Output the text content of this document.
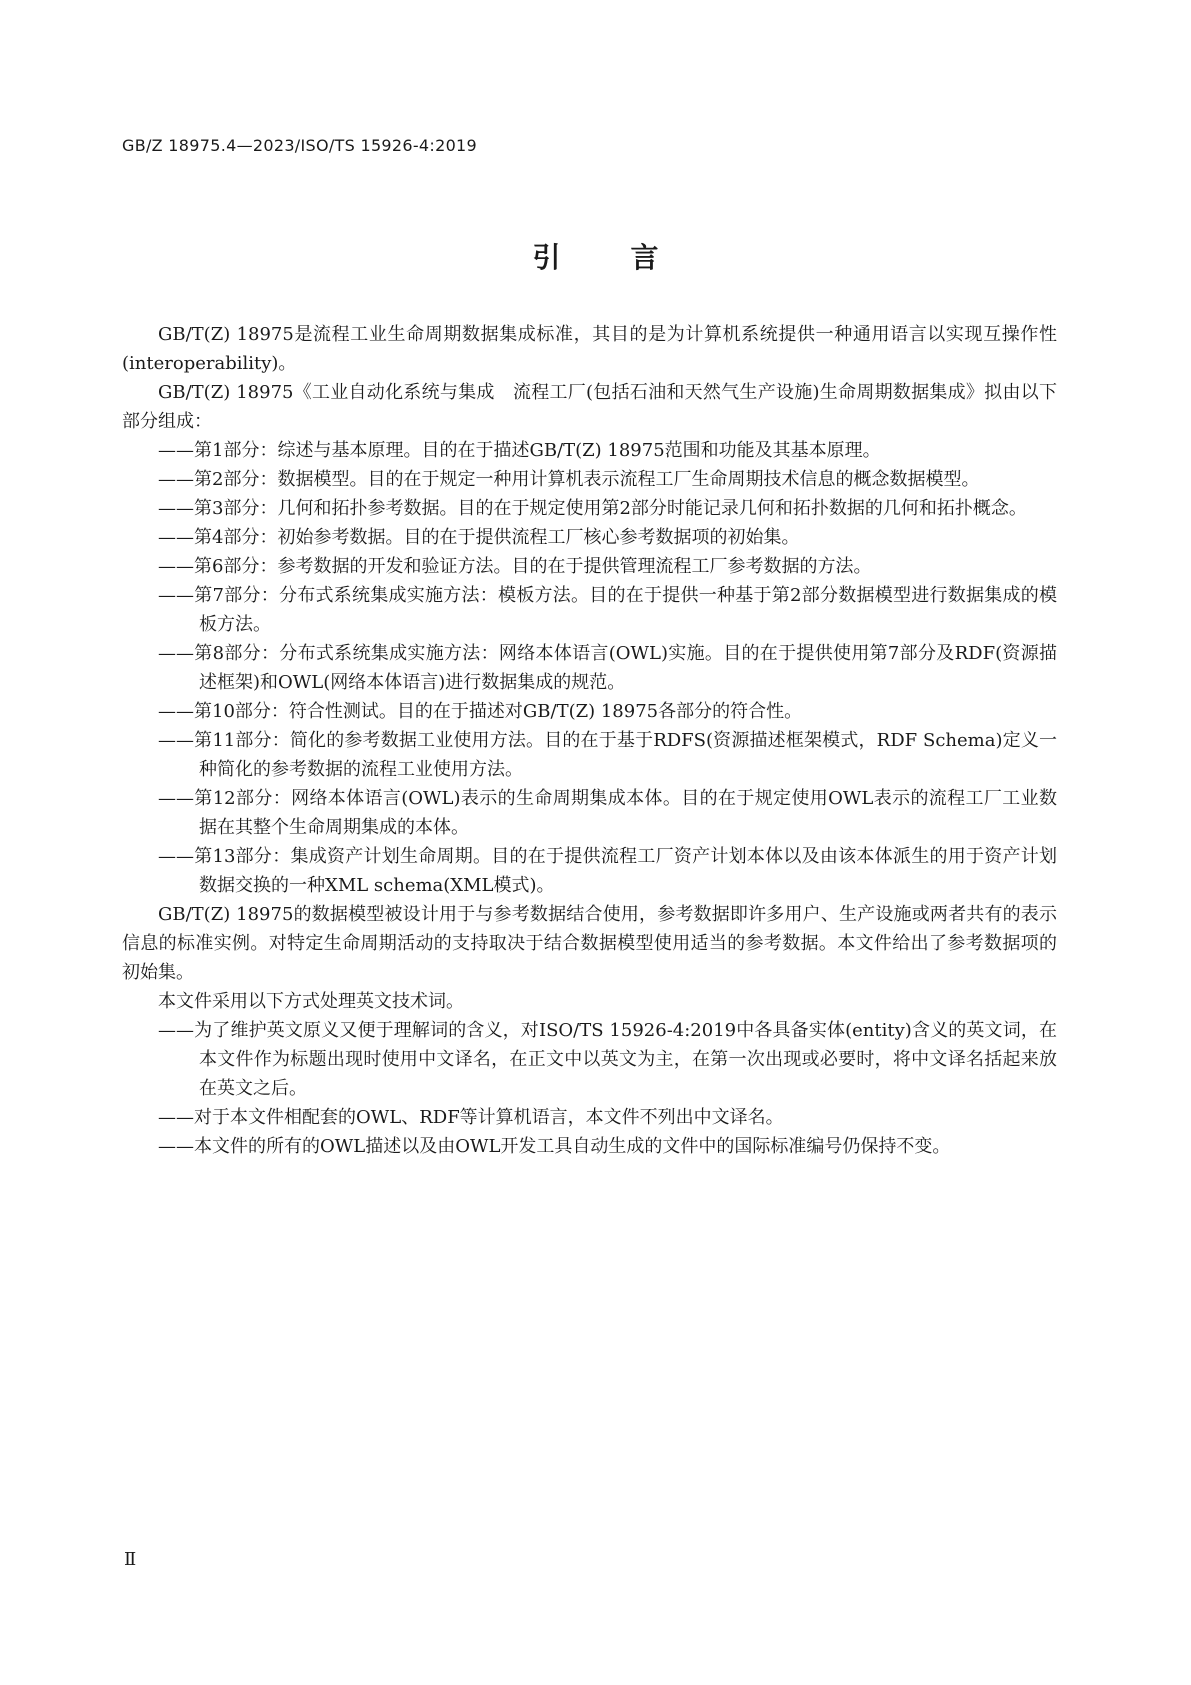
GB/Z 18975.4—2023/ISO/TS 15926-4:2019
引	言
GB/T(Z) 18975是流程工业生命周期数据集成标准，其目的是为计算机系统提供一种通用语言以实现互操作性(interoperability)。
GB/T(Z) 18975《工业自动化系统与集成　流程工厂(包括石油和天然气生产设施)生命周期数据集成》拟由以下部分组成：
——第1部分：综述与基本原理。目的在于描述GB/T(Z) 18975范围和功能及其基本原理。
——第2部分：数据模型。目的在于规定一种用计算机表示流程工厂生命周期技术信息的概念数据模型。
——第3部分：几何和拓扑参考数据。目的在于规定使用第2部分时能记录几何和拓扑数据的几何和拓扑概念。
——第4部分：初始参考数据。目的在于提供流程工厂核心参考数据项的初始集。
——第6部分：参考数据的开发和验证方法。目的在于提供管理流程工厂参考数据的方法。
——第7部分：分布式系统集成实施方法：模板方法。目的在于提供一种基于第2部分数据模型进行数据集成的模板方法。
——第8部分：分布式系统集成实施方法：网络本体语言(OWL)实施。目的在于提供使用第7部分及RDF(资源描述框架)和OWL(网络本体语言)进行数据集成的规范。
——第10部分：符合性测试。目的在于描述对GB/T(Z) 18975各部分的符合性。
——第11部分：简化的参考数据工业使用方法。目的在于基于RDFS(资源描述框架模式，RDF Schema)定义一种简化的参考数据的流程工业使用方法。
——第12部分：网络本体语言(OWL)表示的生命周期集成本体。目的在于规定使用OWL表示的流程工厂工业数据在其整个生命周期集成的本体。
——第13部分：集成资产计划生命周期。目的在于提供流程工厂资产计划本体以及由该本体派生的用于资产计划数据交换的一种XML schema(XML模式)。
GB/T(Z) 18975的数据模型被设计用于与参考数据结合使用，参考数据即许多用户、生产设施或两者共有的表示信息的标准实例。对特定生命周期活动的支持取决于结合数据模型使用适当的参考数据。本文件给出了参考数据项的初始集。
本文件采用以下方式处理英文技术词。
——为了维护英文原义又便于理解词的含义，对ISO/TS 15926-4:2019中各具备实体(entity)含义的英文词，在本文件作为标题出现时使用中文译名，在正文中以英文为主，在第一次出现或必要时，将中文译名括起来放在英文之后。
——对于本文件相配套的OWL、RDF等计算机语言，本文件不列出中文译名。
——本文件的所有的OWL描述以及由OWL开发工具自动生成的文件中的国际标准编号仍保持不变。
Ⅱ
